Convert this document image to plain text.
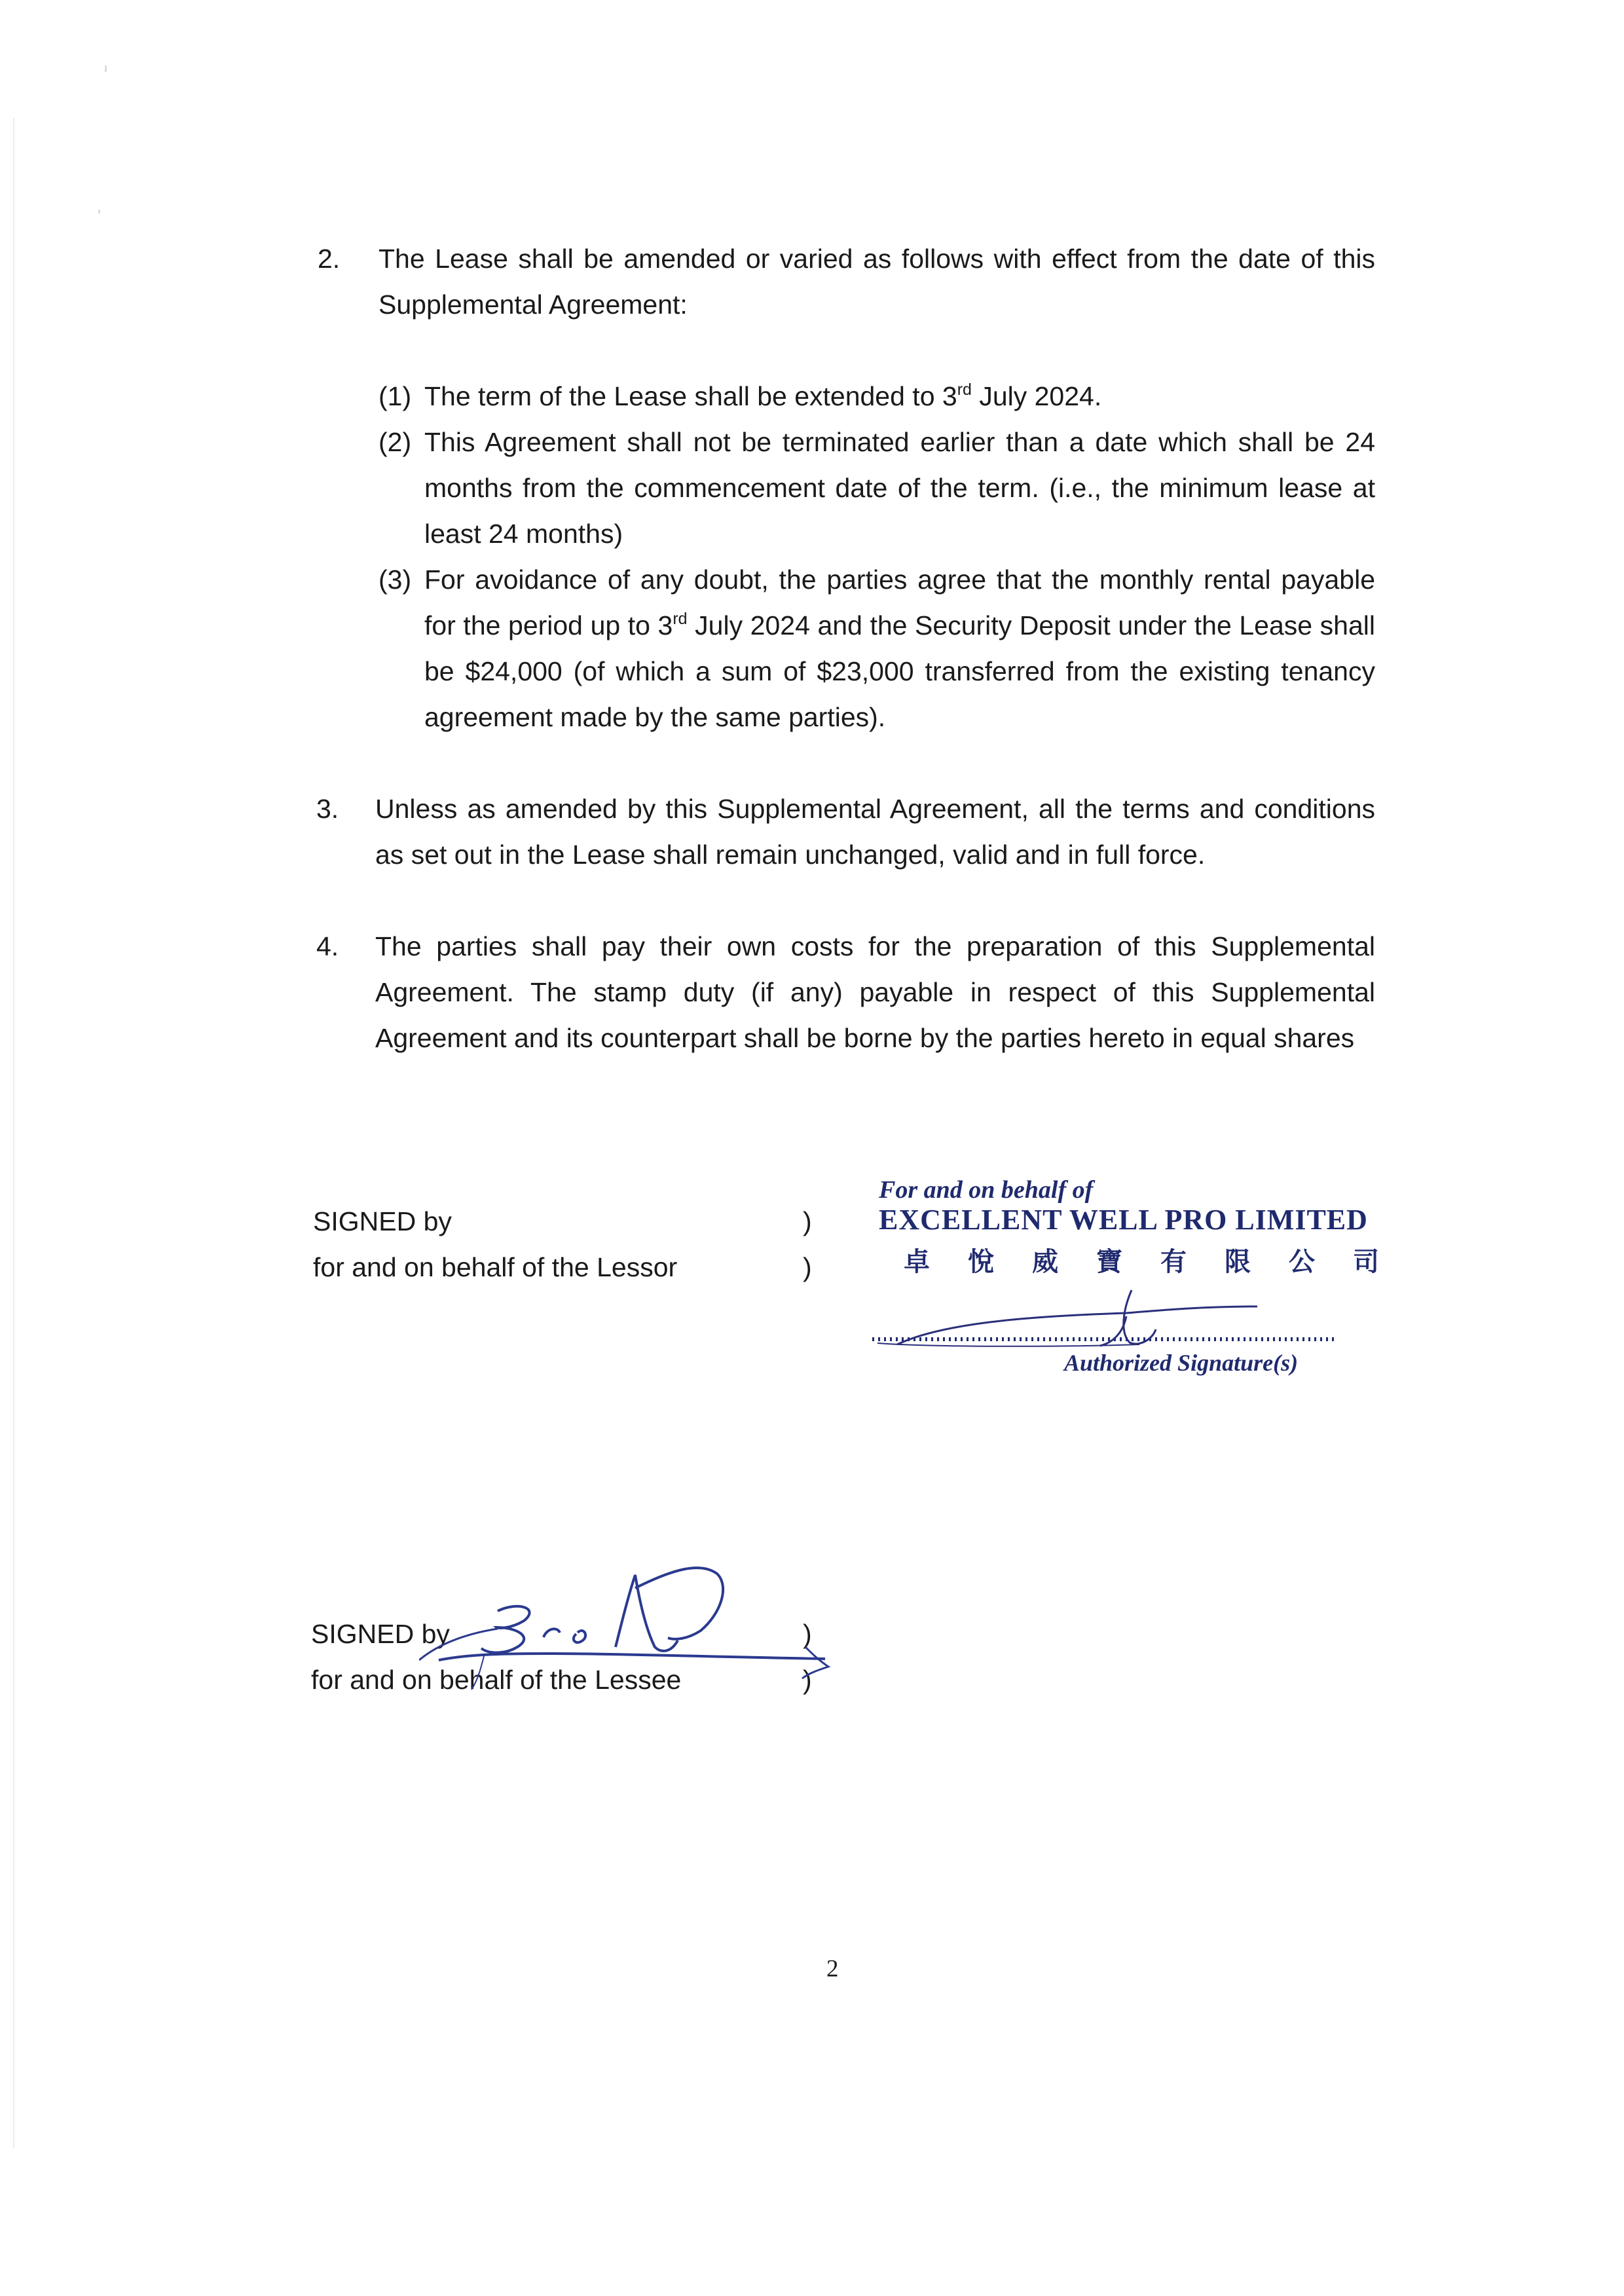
2. The Lease shall be amended or varied as follows with effect from the date of this Supplemental Agreement:
(1) The term of the Lease shall be extended to 3rd July 2024.
(2) This Agreement shall not be terminated earlier than a date which shall be 24 months from the commencement date of the term. (i.e., the minimum lease at least 24 months)
(3) For avoidance of any doubt, the parties agree that the monthly rental payable for the period up to 3rd July 2024 and the Security Deposit under the Lease shall be $24,000 (of which a sum of $23,000 transferred from the existing tenancy agreement made by the same parties).
3. Unless as amended by this Supplemental Agreement, all the terms and conditions as set out in the Lease shall remain unchanged, valid and in full force.
4. The parties shall pay their own costs for the preparation of this Supplemental Agreement. The stamp duty (if any) payable in respect of this Supplemental Agreement and its counterpart shall be borne by the parties hereto in equal shares
SIGNED by
for and on behalf of the Lessor
)
)
For and on behalf of
EXCELLENT WELL PRO LIMITED
卓悅威寶有限公司
Authorized Signature(s)
SIGNED by
for and on behalf of the Lessee
)
)
2
